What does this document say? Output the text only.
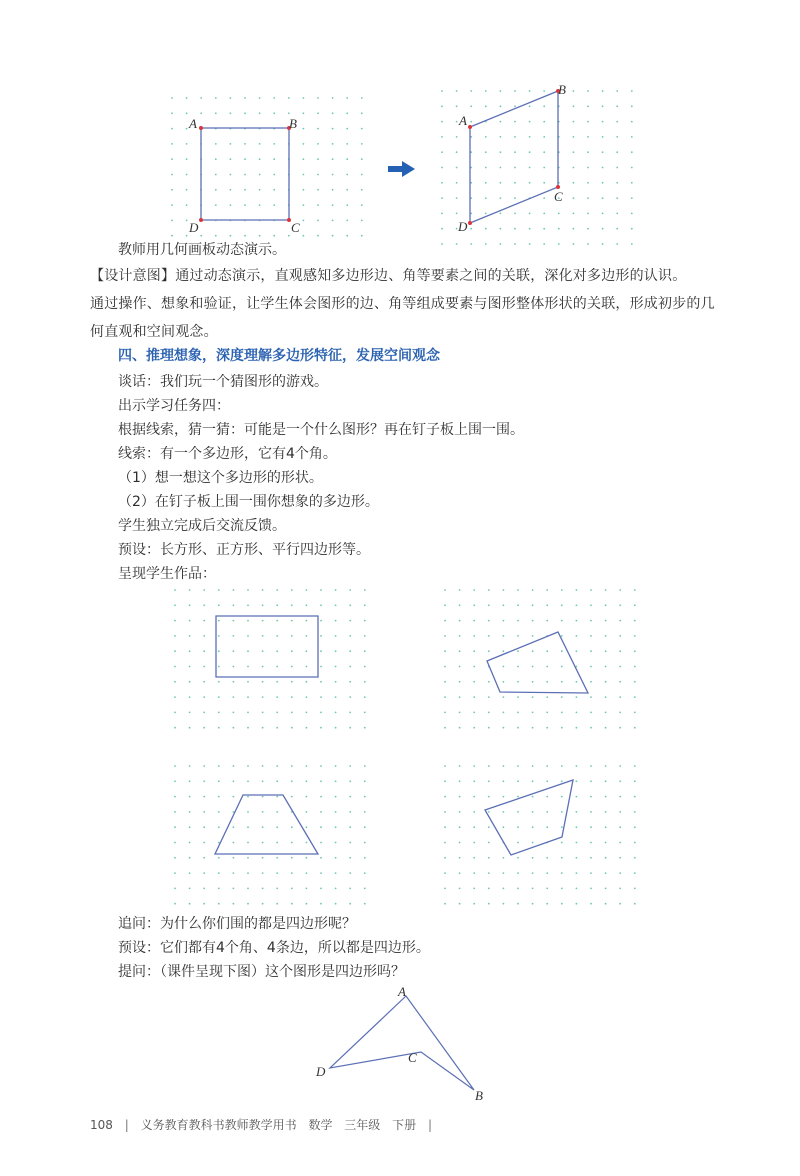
A	B
C
D
A
B
C
D
教师用几何画板动态演示。
【设计意图】通过动态演示，直观感知多边形边、角等要素之间的关联，深化对多边形的认识。
通过操作、想象和验证，让学生体会图形的边、角等组成要素与图形整体形状的关联，形成初步的几
何直观和空间观念。
四、推理想象，深度理解多边形特征，发展空间观念
谈话：我们玩一个猜图形的游戏。
出示学习任务四：
根据线索，猜一猜：可能是一个什么图形？再在钉子板上围一围。
线索：有一个多边形，它有4个角。
（1）想一想这个多边形的形状。
（2）在钉子板上围一围你想象的多边形。
学生独立完成后交流反馈。
预设：长方形、正方形、平行四边形等。
呈现学生作品：
追问：为什么你们围的都是四边形呢？
预设：它们都有4个角、4条边，所以都是四边形。
提问：（课件呈现下图）这个图形是四边形吗？
A
B
C
D
108 | 义务教育教科书教师教学用书 数学 三年级 下册 |
